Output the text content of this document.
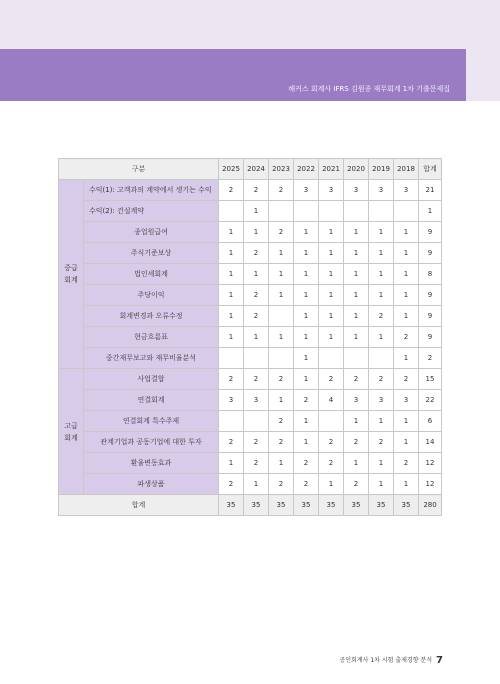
해커스 회계사 IFRS 김원종 재무회계 1차 기출문제집
구분		2025	2024	2023	2022	2021	2020	2019	2018	합계
중급
회계	수익(1): 고객과의 계약에서 생기는 수익	2	2	2	3	3	3	3	3	21
	수익(2): 건설계약		1							1
	종업원급여	1	1	2	1	1	1	1	1	9
	주식기준보상	1	2	1	1	1	1	1	1	9
	법인세회계	1	1	1	1	1	1	1	1	8
	주당이익	1	2	1	1	1	1	1	1	9
	회계변경과 오류수정	1	2		1	1	1	2	1	9
	현금흐름표	1	1	1	1	1	1	1	2	9
	중간재무보고와 재무비율분석				1				1	2
고급
회계	사업결합	2	2	2	1	2	2	2	2	15
	연결회계	3	3	1	2	4	3	3	3	22
	연결회계 특수주제			2	1		1	1	1	6
	관계기업과 공동기업에 대한 투자	2	2	2	1	2	2	2	1	14
	환율변동효과	1	2	1	2	2	1	1	2	12
	파생상품	2	1	2	2	1	2	1	1	12
합계		35	35	35	35	35	35	35	35	280
공인회계사 1차 시험 출제경향 분석 7
